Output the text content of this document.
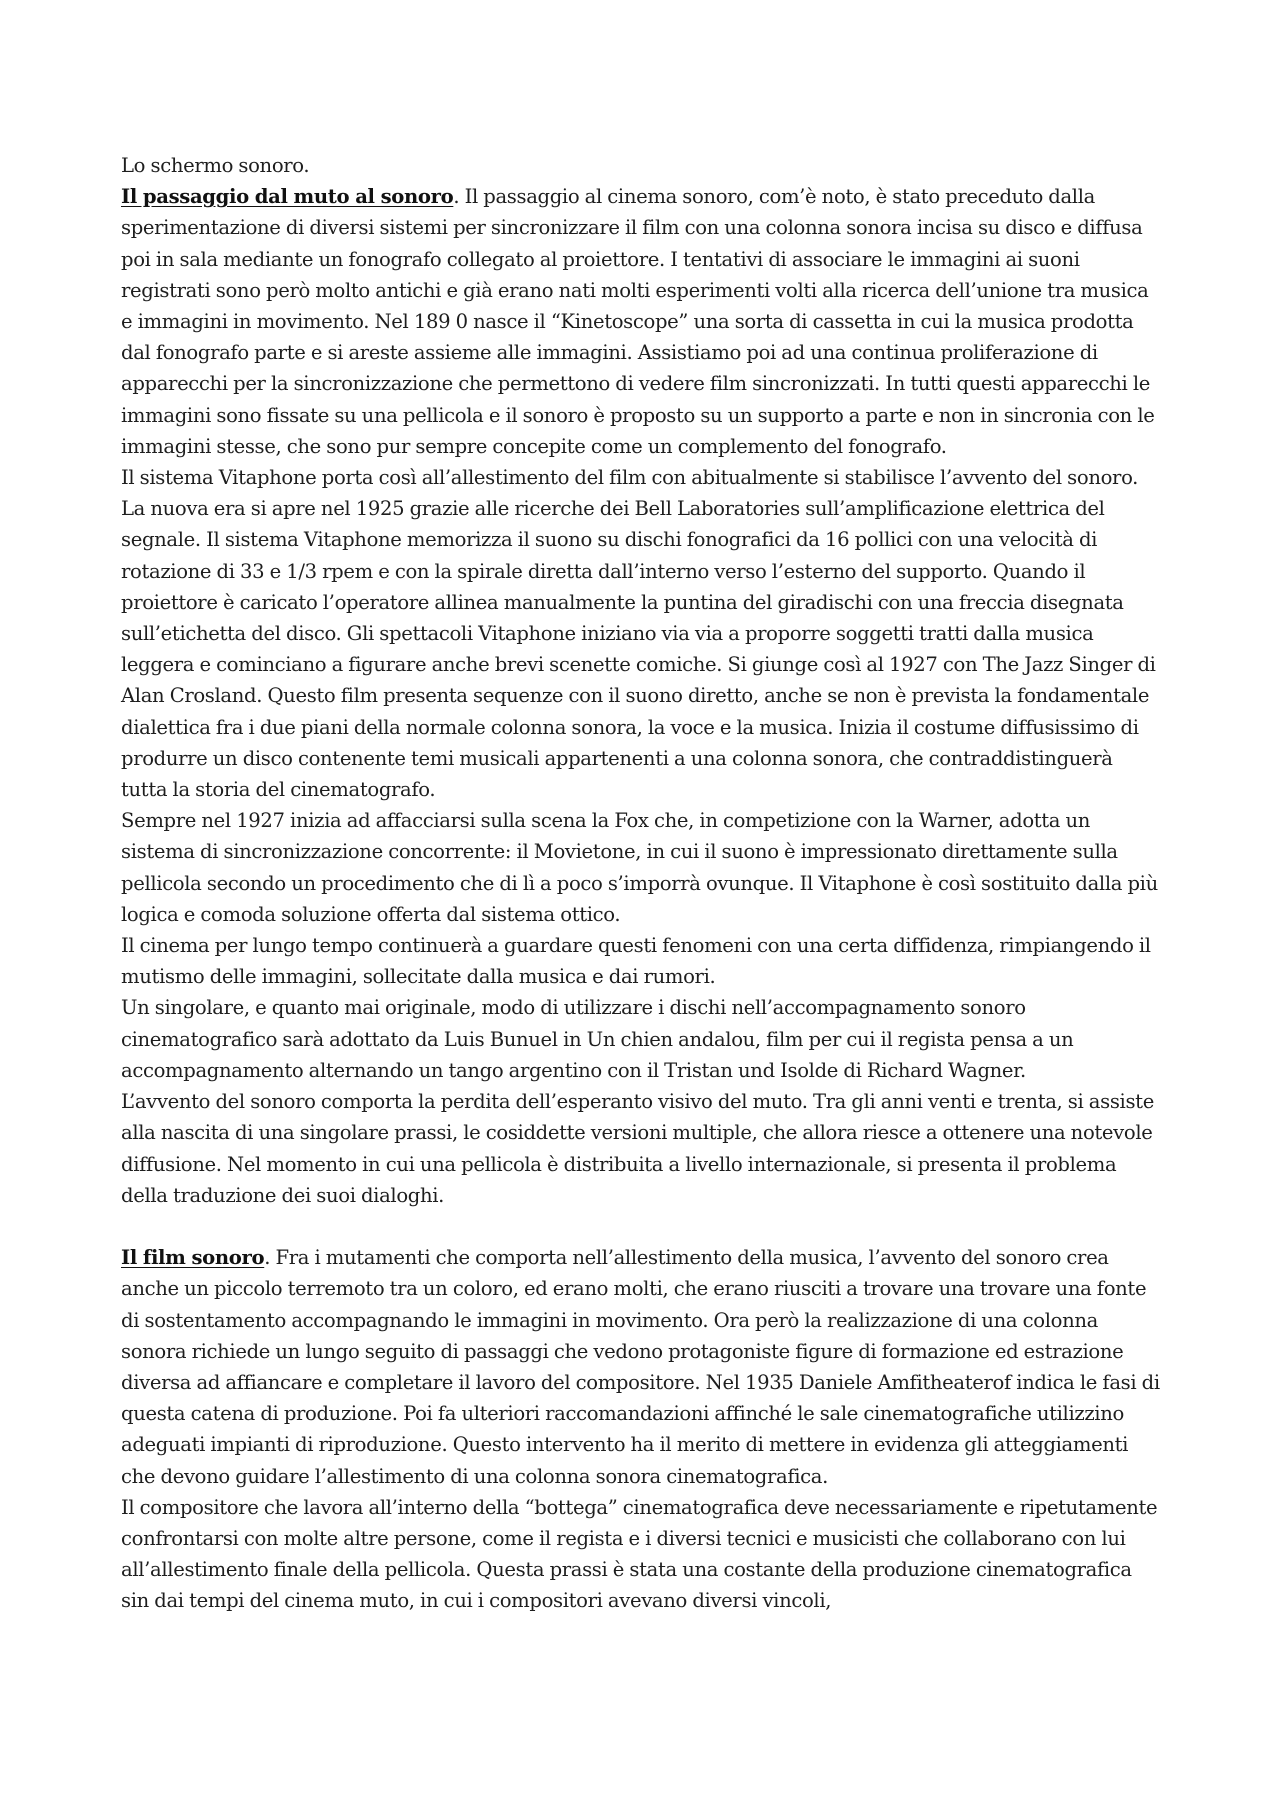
Lo schermo sonoro.

Il passaggio dal muto al sonoro. Il passaggio al cinema sonoro, com’è noto, è stato preceduto dalla sperimentazione di diversi sistemi per sincronizzare il film con una colonna sonora incisa su disco e diffusa poi in sala mediante un fonografo collegato al proiettore. I tentativi di associare le immagini ai suoni registrati sono però molto antichi e già erano nati molti esperimenti volti alla ricerca dell’unione tra musica e immagini in movimento. Nel 189 0 nasce il “Kinetoscope” una sorta di cassetta in cui la musica prodotta dal fonografo parte e si areste assieme alle immagini. Assistiamo poi ad una continua proliferazione di apparecchi per la sincronizzazione che permettono di vedere film sincronizzati. In tutti questi apparecchi le immagini sono fissate su una pellicola e il sonoro è proposto su un supporto a parte e non in sincronia con le immagini stesse, che sono pur sempre concepite come un complemento del fonografo.

Il sistema Vitaphone porta così all’allestimento del film con abitualmente si stabilisce l’avvento del sonoro. La nuova era si apre nel 1925 grazie alle ricerche dei Bell Laboratories sull’amplificazione elettrica del segnale. Il sistema Vitaphone memorizza il suono su dischi fonografici da 16 pollici con una velocità di rotazione di 33 e 1/3 rpem e con la spirale diretta dall’interno verso l’esterno del supporto. Quando il proiettore è caricato l’operatore allinea manualmente la puntina del giradischi con una freccia disegnata sull’etichetta del disco. Gli spettacoli Vitaphone iniziano via via a proporre soggetti tratti dalla musica leggera e cominciano a figurare anche brevi scenette comiche. Si giunge così al 1927 con The Jazz Singer di Alan Crosland. Questo film presenta sequenze con il suono diretto, anche se non è prevista la fondamentale dialettica fra i due piani della normale colonna sonora, la voce e la musica. Inizia il costume diffusissimo di produrre un disco contenente temi musicali appartenenti a una colonna sonora, che contraddistinguerà tutta la storia del cinematografo.

Sempre nel 1927 inizia ad affacciarsi sulla scena la Fox che, in competizione con la Warner, adotta un sistema di sincronizzazione concorrente: il Movietone, in cui il suono è impressionato direttamente sulla pellicola secondo un procedimento che di lì a poco s’imporrà ovunque. Il Vitaphone è così sostituito dalla più logica e comoda soluzione offerta dal sistema ottico.

Il cinema per lungo tempo continuerà a guardare questi fenomeni con una certa diffidenza, rimpiangendo il mutismo delle immagini, sollecitate dalla musica e dai rumori.

Un singolare, e quanto mai originale, modo di utilizzare i dischi nell’accompagnamento sonoro cinematografico sarà adottato da Luis Bunuel in Un chien andalou, film per cui il regista pensa a un accompagnamento alternando un tango argentino con il Tristan und Isolde di Richard Wagner.

L’avvento del sonoro comporta la perdita dell’esperanto visivo del muto. Tra gli anni venti e trenta, si assiste alla nascita di una singolare prassi, le cosiddette versioni multiple, che allora riesce a ottenere una notevole diffusione. Nel momento in cui una pellicola è distribuita a livello internazionale, si presenta il problema della traduzione dei suoi dialoghi.

Il film sonoro. Fra i mutamenti che comporta nell’allestimento della musica, l’avvento del sonoro crea anche un piccolo terremoto tra un coloro, ed erano molti, che erano riusciti a trovare una trovare una fonte di sostentamento accompagnando le immagini in movimento. Ora però la realizzazione di una colonna sonora richiede un lungo seguito di passaggi che vedono protagoniste figure di formazione ed estrazione diversa ad affiancare e completare il lavoro del compositore. Nel 1935 Daniele Amfitheaterof indica le fasi di questa catena di produzione. Poi fa ulteriori raccomandazioni affinché le sale cinematografiche utilizzino adeguati impianti di riproduzione. Questo intervento ha il merito di mettere in evidenza gli atteggiamenti che devono guidare l’allestimento di una colonna sonora cinematografica.

Il compositore che lavora all’interno della “bottega” cinematografica deve necessariamente e ripetutamente confrontarsi con molte altre persone, come il regista e i diversi tecnici e musicisti che collaborano con lui all’allestimento finale della pellicola. Questa prassi è stata una costante della produzione cinematografica sin dai tempi del cinema muto, in cui i compositori avevano diversi vincoli,
